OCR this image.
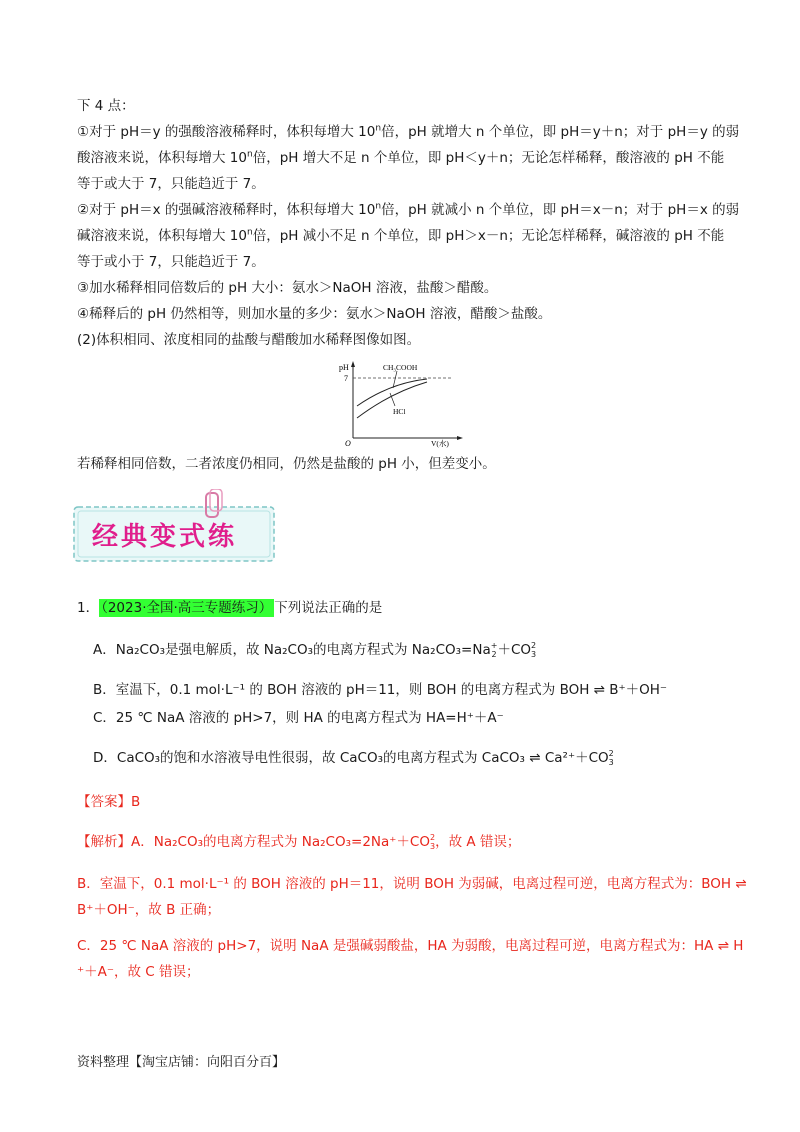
下 4 点：
①对于 pH＝y 的强酸溶液稀释时，体积每增大 10$^n$倍，pH 就增大 n 个单位，即 pH＝y＋n；对于 pH＝y 的弱
酸溶液来说，体积每增大 10$^n$倍，pH 增大不足 n 个单位，即 pH＜y＋n；无论怎样稀释，酸溶液的 pH 不能
等于或大于 7，只能趋近于 7。
②对于 pH＝x 的强碱溶液稀释时，体积每增大 10$^n$倍，pH 就减小 n 个单位，即 pH＝x－n；对于 pH＝x 的弱
碱溶液来说，体积每增大 10$^n$倍，pH 减小不足 n 个单位，即 pH＞x－n；无论怎样稀释，碱溶液的 pH 不能
等于或小于 7，只能趋近于 7。
③加水稀释相同倍数后的 pH 大小：氨水＞NaOH 溶液，盐酸＞醋酸。
④稀释后的 pH 仍然相等，则加水量的多少：氨水＞NaOH 溶液，醋酸＞盐酸。
(2)体积相同、浓度相同的盐酸与醋酸加水稀释图像如图。
pH
7
O	V(水)
CH₃COOH
HCl
若稀释相同倍数，二者浓度仍相同，仍然是盐酸的 pH 小，但差变小。
经典变式练
1． （2023·全国·高三专题练习） 下列说法正确的是
A．Na₂CO₃是强电解质，故 Na₂CO₃的电离方程式为 Na₂CO₃=Na +
2 ＋CO 2
3
B．室温下，0.1 mol·L⁻¹ 的 BOH 溶液的 pH＝11，则 BOH 的电离方程式为 BOH ⇌ B⁺＋OH⁻
C．25 ℃ NaA 溶液的 pH>7，则 HA 的电离方程式为 HA=H⁺＋A⁻
D．CaCO₃的饱和水溶液导电性很弱，故 CaCO₃的电离方程式为 CaCO₃ ⇌ Ca²⁺＋CO 2
3
【答案】B
【解析】A．Na₂CO₃的电离方程式为 Na₂CO₃=2Na⁺＋CO 2
3 ，故 A 错误；
B．室温下，0.1 mol·L⁻¹ 的 BOH 溶液的 pH＝11，说明 BOH 为弱碱，电离过程可逆，电离方程式为：BOH ⇌
B⁺＋OH⁻，故 B 正确；
C．25 ℃ NaA 溶液的 pH>7，说明 NaA 是强碱弱酸盐，HA 为弱酸，电离过程可逆，电离方程式为：HA ⇌ H
⁺＋A⁻，故 C 错误；
资料整理【淘宝店铺：向阳百分百】
